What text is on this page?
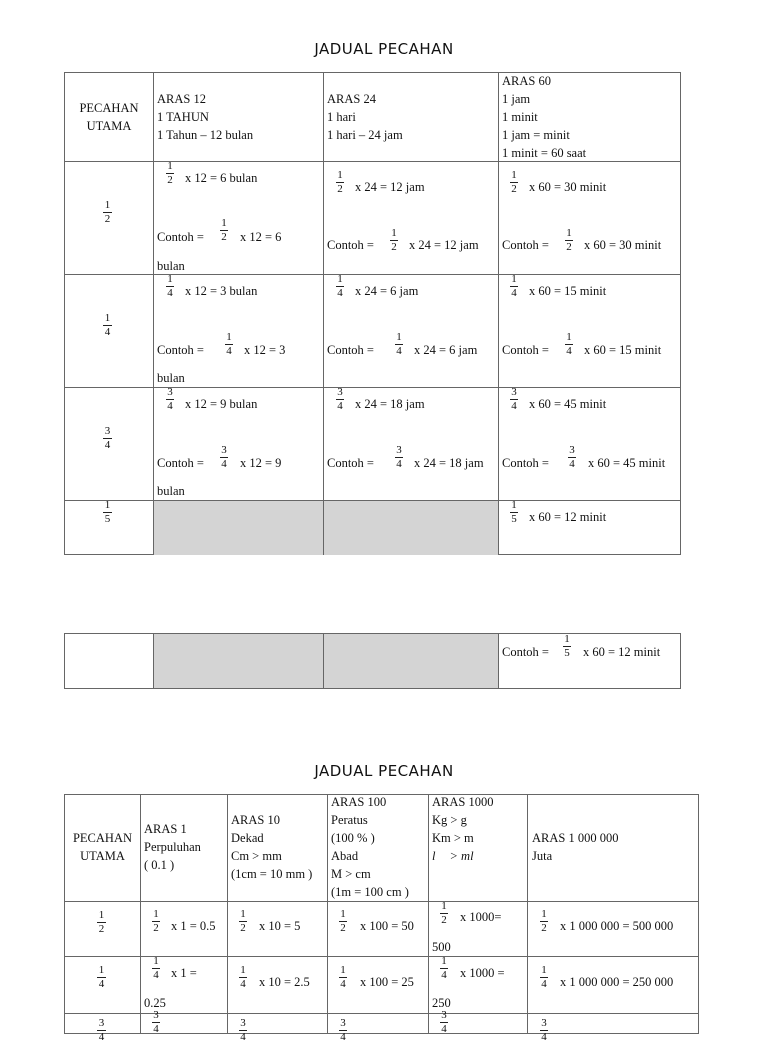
JADUAL PECAHAN
PECAHAN
UTAMA
ARAS 12
1 TAHUN
1 Tahun – 12 bulan
ARAS 24
1 hari
1 hari – 24 jam
ARAS 60
1 jam
1 minit
1 jam = minit
1 minit = 60 saat
1
2
1
2 x 12 = 6 bulan
Contoh =
1
2 x 12 = 6
bulan
1
2 x 24 = 12 jam
Contoh =
1
2 x 24 = 12 jam
1
2 x 60 = 30 minit
Contoh =
1
2 x 60 = 30 minit
1
4
1
4 x 12 = 3 bulan
Contoh =
1
4 x 12 = 3
bulan
1
4 x 24 = 6 jam
Contoh =
1
4 x 24 = 6 jam
1
4 x 60 = 15 minit
Contoh =
1
4 x 60 = 15 minit
3
4
3
4 x 12 = 9 bulan
Contoh =
3
4 x 12 = 9
bulan
3
4 x 24 = 18 jam
Contoh =
3
4 x 24 = 18 jam
3
4 x 60 = 45 minit
Contoh =
3
4 x 60 = 45 minit
1
5
1
5 x 60 = 12 minit
Contoh =
1
5 x 60 = 12 minit
JADUAL PECAHAN
PECAHAN
UTAMA
ARAS 1
Perpuluhan
( 0.1 )
ARAS 10
Dekad
Cm > mm
(1cm = 10 mm )
ARAS 100
Peratus
(100 % )
Abad
M > cm
(1m = 100 cm )
ARAS 1000
Kg > g
Km > m
l > ml
ARAS 1 000 000
Juta
1
2
1
2 x 1 = 0.5
1
2 x 10 = 5
1
2 x 100 = 50
1
2 x 1000=
500
1
2 x 1 000 000 = 500 000
1
4
1
4 x 1 =
0.25
1
4 x 10 = 2.5
1
4 x 100 = 25
1
4 x 1000 =
250
1
4 x 1 000 000 = 250 000
3
4
3
4	3
4
3
4
3
4	3
4
